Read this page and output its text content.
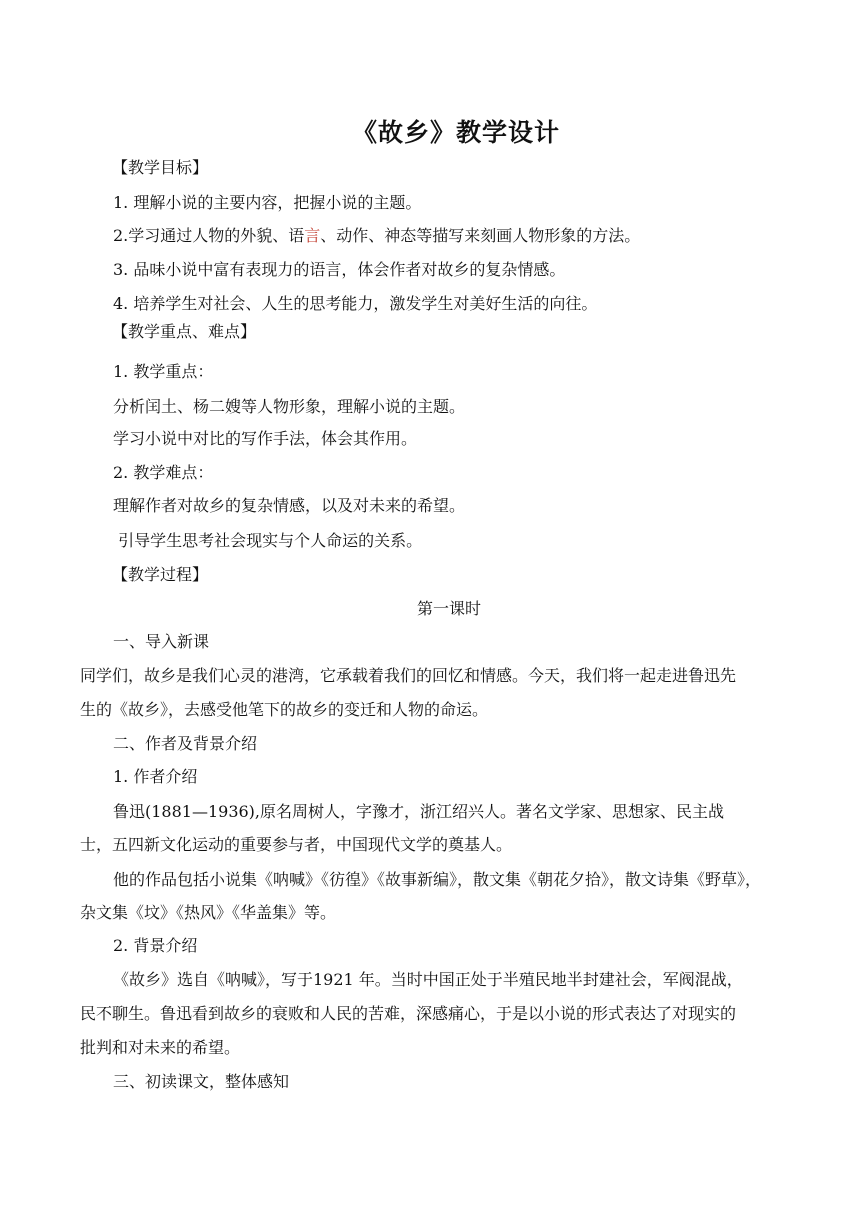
《故乡》教学设计
【教学目标】
1. 理解小说的主要内容，把握小说的主题。
2.学习通过人物的外貌、语言、动作、神态等描写来刻画人物形象的方法。
3. 品味小说中富有表现力的语言，体会作者对故乡的复杂情感。
4. 培养学生对社会、人生的思考能力，激发学生对美好生活的向往。
【教学重点、难点】
1. 教学重点：
分析闰土、杨二嫂等人物形象，理解小说的主题。
学习小说中对比的写作手法，体会其作用。
2. 教学难点：
理解作者对故乡的复杂情感，以及对未来的希望。
引导学生思考社会现实与个人命运的关系。
【教学过程】
第一课时
一、导入新课
同学们，故乡是我们心灵的港湾，它承载着我们的回忆和情感。今天，我们将一起走进鲁迅先
生的《故乡》，去感受他笔下的故乡的变迁和人物的命运。
二、作者及背景介绍
1. 作者介绍
鲁迅(1881—1936),原名周树人，字豫才，浙江绍兴人。著名文学家、思想家、民主战
士，五四新文化运动的重要参与者，中国现代文学的奠基人。
他的作品包括小说集《呐喊》《彷徨》《故事新编》，散文集《朝花夕拾》，散文诗集《野草》，
杂文集《坟》《热风》《华盖集》等。
2. 背景介绍
《故乡》选自《呐喊》，写于1921 年。当时中国正处于半殖民地半封建社会，军阀混战，
民不聊生。鲁迅看到故乡的衰败和人民的苦难，深感痛心，于是以小说的形式表达了对现实的
批判和对未来的希望。
三、初读课文，整体感知
